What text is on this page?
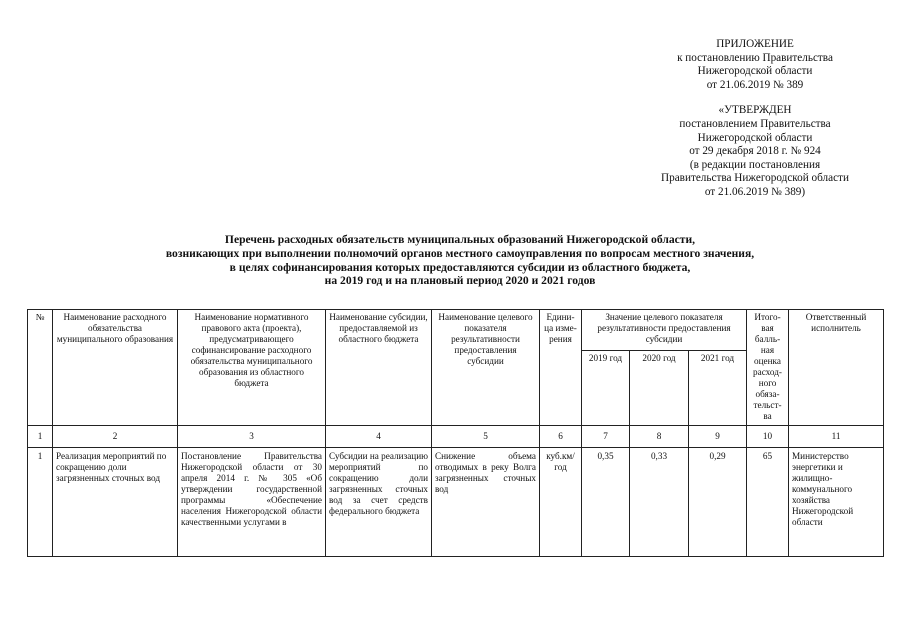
ПРИЛОЖЕНИЕ
к постановлению Правительства
Нижегородской области
от 21.06.2019 № 389
«УТВЕРЖДЕН
постановлением Правительства
Нижегородской области
от 29 декабря 2018 г. № 924
(в редакции постановления
Правительства Нижегородской области
от 21.06.2019 № 389)
Перечень расходных обязательств муниципальных образований Нижегородской области,
возникающих при выполнении полномочий органов местного самоуправления по вопросам местного значения,
в целях софинансирования которых предоставляются субсидии из областного бюджета,
на 2019 год и на плановый период 2020 и 2021 годов
№	Наименование расходного обязательства муниципального образования	Наименование нормативного правового акта (проекта), предусматривающего софинансирование расходного обязательства муниципального образования из областного бюджета	Наименование субсидии, предоставляемой из областного бюджета	Наименование целевого показателя результативности предоставления субсидии	Едини-ца изме-рения	Значение целевого показателя результативности предоставления субсидии			Итого-вая балль-ная оценка расход-ного обяза-тельст-ва	Ответственный исполнитель
						2019 год	2020 год	2021 год		
1	2	3	4	5	6	7	8	9	10	11
1	Реализация мероприятий по сокращению доли загрязненных сточных вод	Постановление Правительства Нижегородской области от 30 апреля 2014 г. № 305 «Об утверждении государственной программы «Обеспечение населения Нижегородской области качественными услугами в	Субсидии на реализацию мероприятий по сокращению доли загрязненных сточных вод за счет средств федерального бюджета	Снижение объема отводимых в реку Волга загрязненных сточных вод	куб.км/ год	0,35	0,33	0,29	65	Министерство энергетики и жилищно-коммунального хозяйства Нижегородской области
